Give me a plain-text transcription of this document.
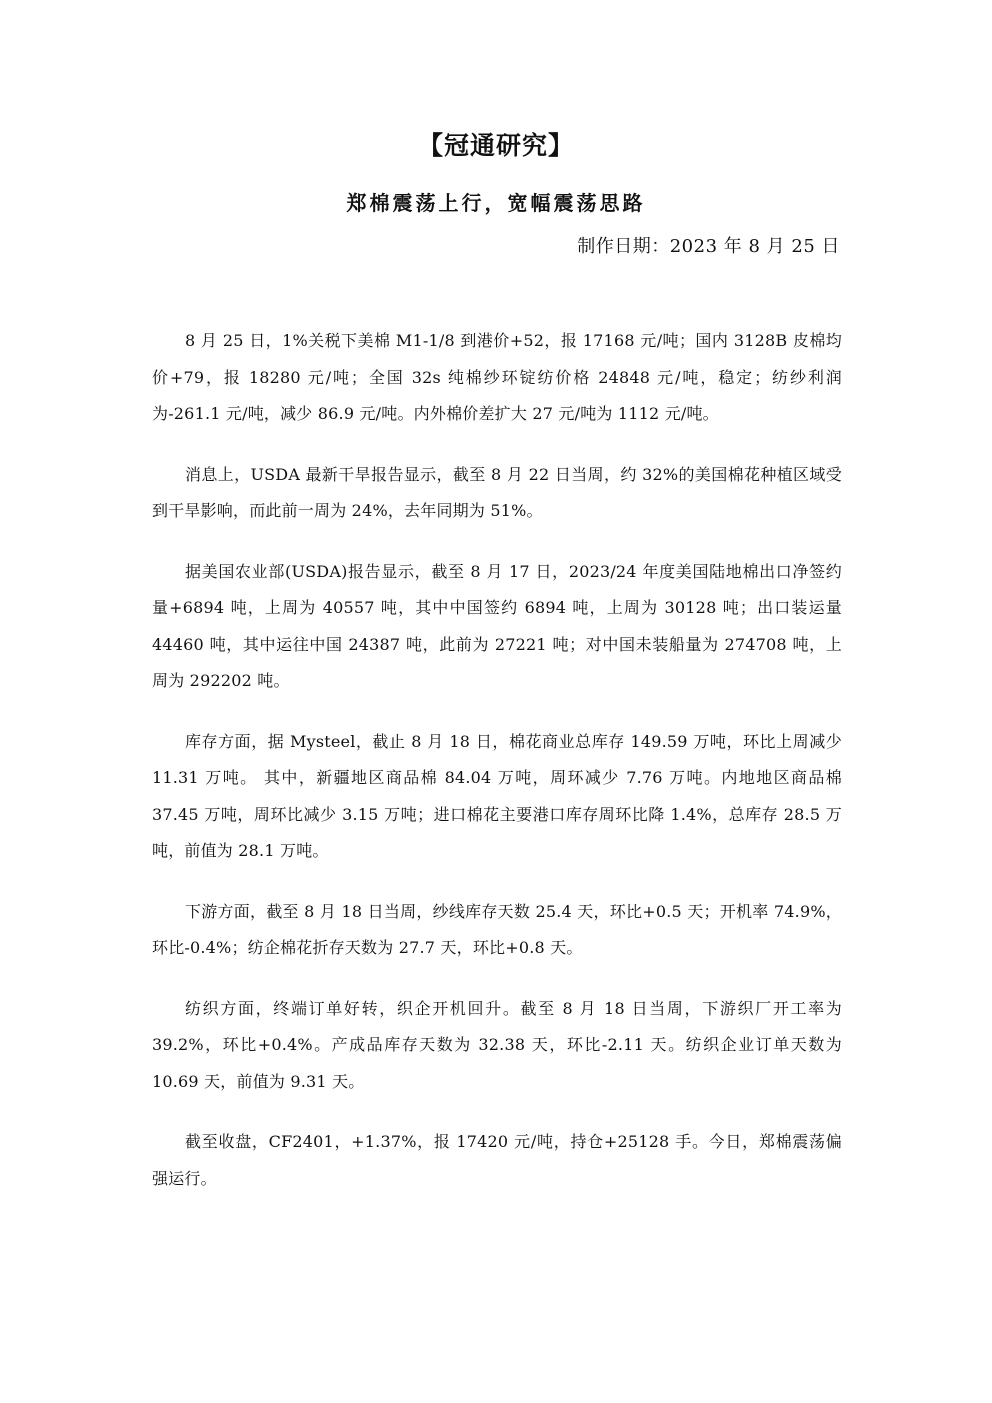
【冠通研究】
郑棉震荡上行，宽幅震荡思路
制作日期：2023 年 8 月 25 日

8 月 25 日，1%关税下美棉 M1-1/8 到港价+52，报 17168 元/吨；国内 3128B 皮棉均价+79，报 18280 元/吨；全国 32s 纯棉纱环锭纺价格 24848 元/吨，稳定；纺纱利润为-261.1 元/吨，减少 86.9 元/吨。内外棉价差扩大 27 元/吨为 1112 元/吨。

消息上，USDA 最新干旱报告显示，截至 8 月 22 日当周，约 32%的美国棉花种植区域受到干旱影响，而此前一周为 24%，去年同期为 51%。

据美国农业部(USDA)报告显示，截至 8 月 17 日，2023/24 年度美国陆地棉出口净签约量+6894 吨，上周为 40557 吨，其中中国签约 6894 吨，上周为 30128 吨；出口装运量 44460 吨，其中运往中国 24387 吨，此前为 27221 吨；对中国未装船量为 274708 吨，上周为 292202 吨。

库存方面，据 Mysteel，截止 8 月 18 日，棉花商业总库存 149.59 万吨，环比上周减少 11.31 万吨。 其中，新疆地区商品棉 84.04 万吨，周环减少 7.76 万吨。内地地区商品棉 37.45 万吨，周环比减少 3.15 万吨；进口棉花主要港口库存周环比降 1.4%，总库存 28.5 万吨，前值为 28.1 万吨。

下游方面，截至 8 月 18 日当周，纱线库存天数 25.4 天，环比+0.5 天；开机率 74.9%，环比-0.4%；纺企棉花折存天数为 27.7 天，环比+0.8 天。

纺织方面，终端订单好转，织企开机回升。截至 8 月 18 日当周，下游织厂开工率为 39.2%，环比+0.4%。产成品库存天数为 32.38 天，环比-2.11 天。纺织企业订单天数为 10.69 天，前值为 9.31 天。

截至收盘，CF2401，+1.37%，报 17420 元/吨，持仓+25128 手。今日，郑棉震荡偏强运行。
